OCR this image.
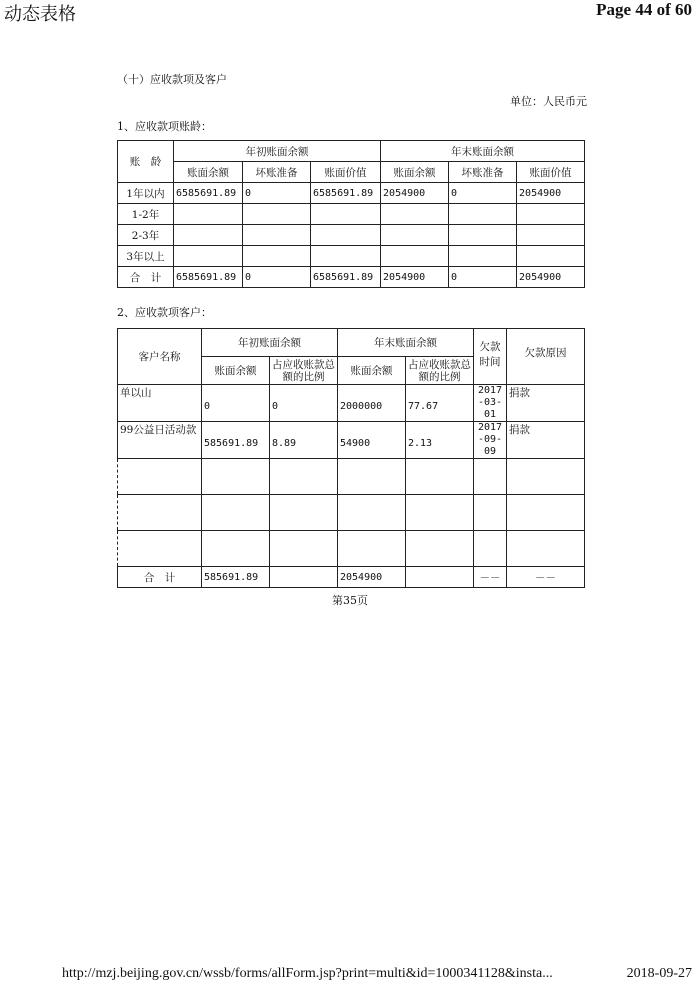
动态表格	Page 44 of 60
（十）应收款项及客户
单位：人民币元
1、应收款项账龄：
账　龄	年初账面余额			年末账面余额		
	账面余额	坏账准备	账面价值	账面余额	坏账准备	账面价值
1年以内	6585691.89	0	6585691.89	2054900	0	2054900
1-2年						
2-3年						
3年以上						
合　计	6585691.89	0	6585691.89	2054900	0	2054900
2、应收款项客户：
客户名称	年初账面余额		年末账面余额		欠款时间	欠款原因
	账面余额	占应收账款总额的比例	账面余额	占应收账款总额的比例		
单以山	0	0	2000000	77.67	2017-03-01	捐款
99公益日活动款	585691.89	8.89	54900	2.13	2017-09-09	捐款

合　计	585691.89		2054900		－－	－－
第35页
http://mzj.beijing.gov.cn/wssb/forms/allForm.jsp?print=multi&id=1000341128&insta...	2018-09-27
